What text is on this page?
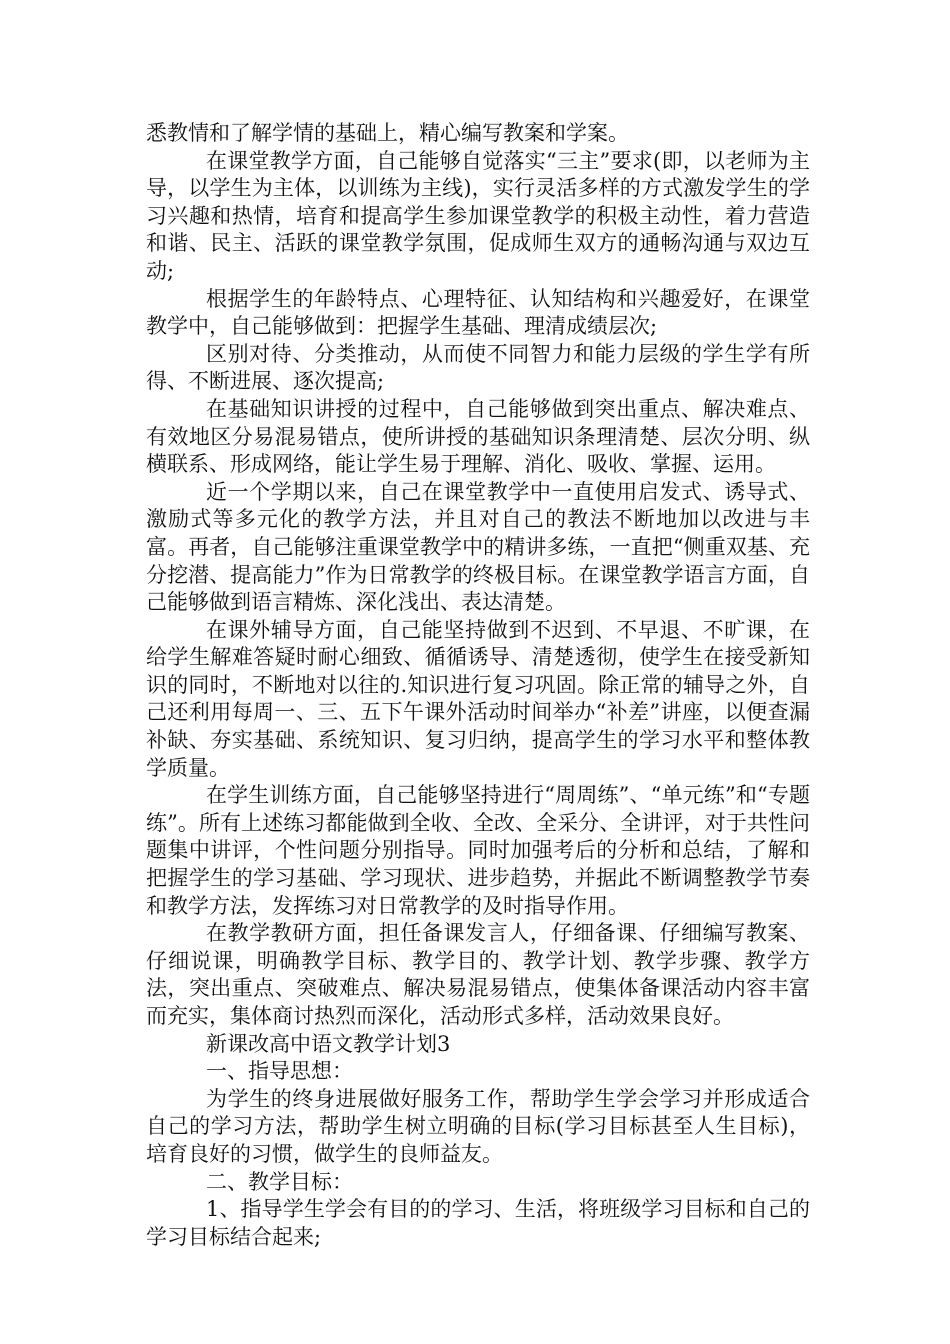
悉教情和了解学情的基础上，精心编写教案和学案。

在课堂教学方面，自己能够自觉落实“三主”要求(即，以老师为主导，以学生为主体，以训练为主线)，实行灵活多样的方式激发学生的学习兴趣和热情，培育和提高学生参加课堂教学的积极主动性，着力营造和谐、民主、活跃的课堂教学氛围，促成师生双方的通畅沟通与双边互动;

根据学生的年龄特点、心理特征、认知结构和兴趣爱好，在课堂教学中，自己能够做到：把握学生基础、理清成绩层次;

区别对待、分类推动，从而使不同智力和能力层级的学生学有所得、不断进展、逐次提高;

在基础知识讲授的过程中，自己能够做到突出重点、解决难点、有效地区分易混易错点，使所讲授的基础知识条理清楚、层次分明、纵横联系、形成网络，能让学生易于理解、消化、吸收、掌握、运用。

近一个学期以来，自己在课堂教学中一直使用启发式、诱导式、激励式等多元化的教学方法，并且对自己的教法不断地加以改进与丰富。再者，自己能够注重课堂教学中的精讲多练，一直把“侧重双基、充分挖潜、提高能力”作为日常教学的终极目标。在课堂教学语言方面，自己能够做到语言精炼、深化浅出、表达清楚。

在课外辅导方面，自己能坚持做到不迟到、不早退、不旷课，在给学生解难答疑时耐心细致、循循诱导、清楚透彻，使学生在接受新知识的同时，不断地对以往的.知识进行复习巩固。除正常的辅导之外，自己还利用每周一、三、五下午课外活动时间举办“补差”讲座，以便查漏补缺、夯实基础、系统知识、复习归纳，提高学生的学习水平和整体教学质量。

在学生训练方面，自己能够坚持进行“周周练”、“单元练”和“专题练”。所有上述练习都能做到全收、全改、全采分、全讲评，对于共性问题集中讲评，个性问题分别指导。同时加强考后的分析和总结，了解和把握学生的学习基础、学习现状、进步趋势，并据此不断调整教学节奏和教学方法，发挥练习对日常教学的及时指导作用。

在教学教研方面，担任备课发言人，仔细备课、仔细编写教案、仔细说课，明确教学目标、教学目的、教学计划、教学步骤、教学方法，突出重点、突破难点、解决易混易错点，使集体备课活动内容丰富而充实，集体商讨热烈而深化，活动形式多样，活动效果良好。

新课改高中语文教学计划3

一、指导思想：

为学生的终身进展做好服务工作，帮助学生学会学习并形成适合自己的学习方法，帮助学生树立明确的目标(学习目标甚至人生目标)，培育良好的习惯，做学生的良师益友。

二、教学目标：

1、指导学生学会有目的的学习、生活，将班级学习目标和自己的学习目标结合起来;
